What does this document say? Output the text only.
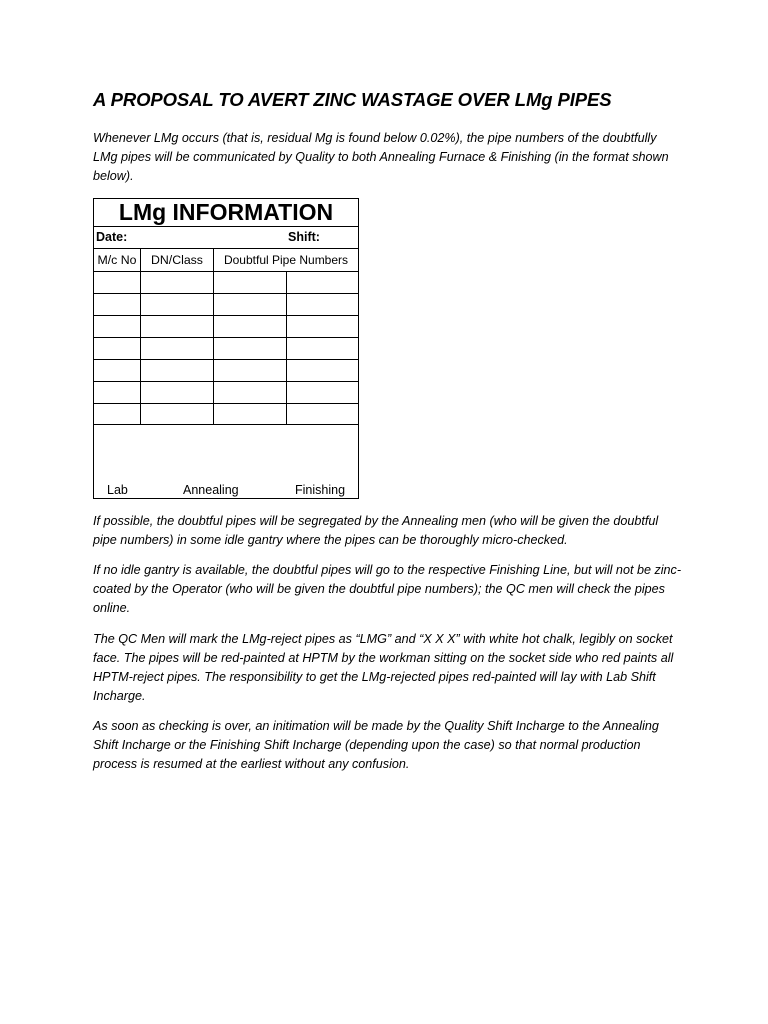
A PROPOSAL TO AVERT ZINC WASTAGE OVER LMg PIPES

Whenever LMg occurs (that is, residual Mg is found below 0.02%), the pipe numbers of the doubtfully LMg pipes will be communicated by Quality to both Annealing Furnace & Finishing (in the format shown below).

LMg INFORMATION
Date:	Shift:
M/c No	DN/Class	Doubtful Pipe Numbers
Lab	Annealing	Finishing

If possible, the doubtful pipes will be segregated by the Annealing men (who will be given the doubtful pipe numbers) in some idle gantry where the pipes can be thoroughly micro-checked.

If no idle gantry is available, the doubtful pipes will go to the respective Finishing Line, but will not be zinc-coated by the Operator (who will be given the doubtful pipe numbers); the QC men will check the pipes online.

The QC Men will mark the LMg-reject pipes as “LMG” and “X X X” with white hot chalk, legibly on socket face. The pipes will be red-painted at HPTM by the workman sitting on the socket side who red paints all HPTM-reject pipes. The responsibility to get the LMg-rejected pipes red-painted will lay with Lab Shift Incharge.

As soon as checking is over, an initimation will be made by the Quality Shift Incharge to the Annealing Shift Incharge or the Finishing Shift Incharge (depending upon the case) so that normal production process is resumed at the earliest without any confusion.
